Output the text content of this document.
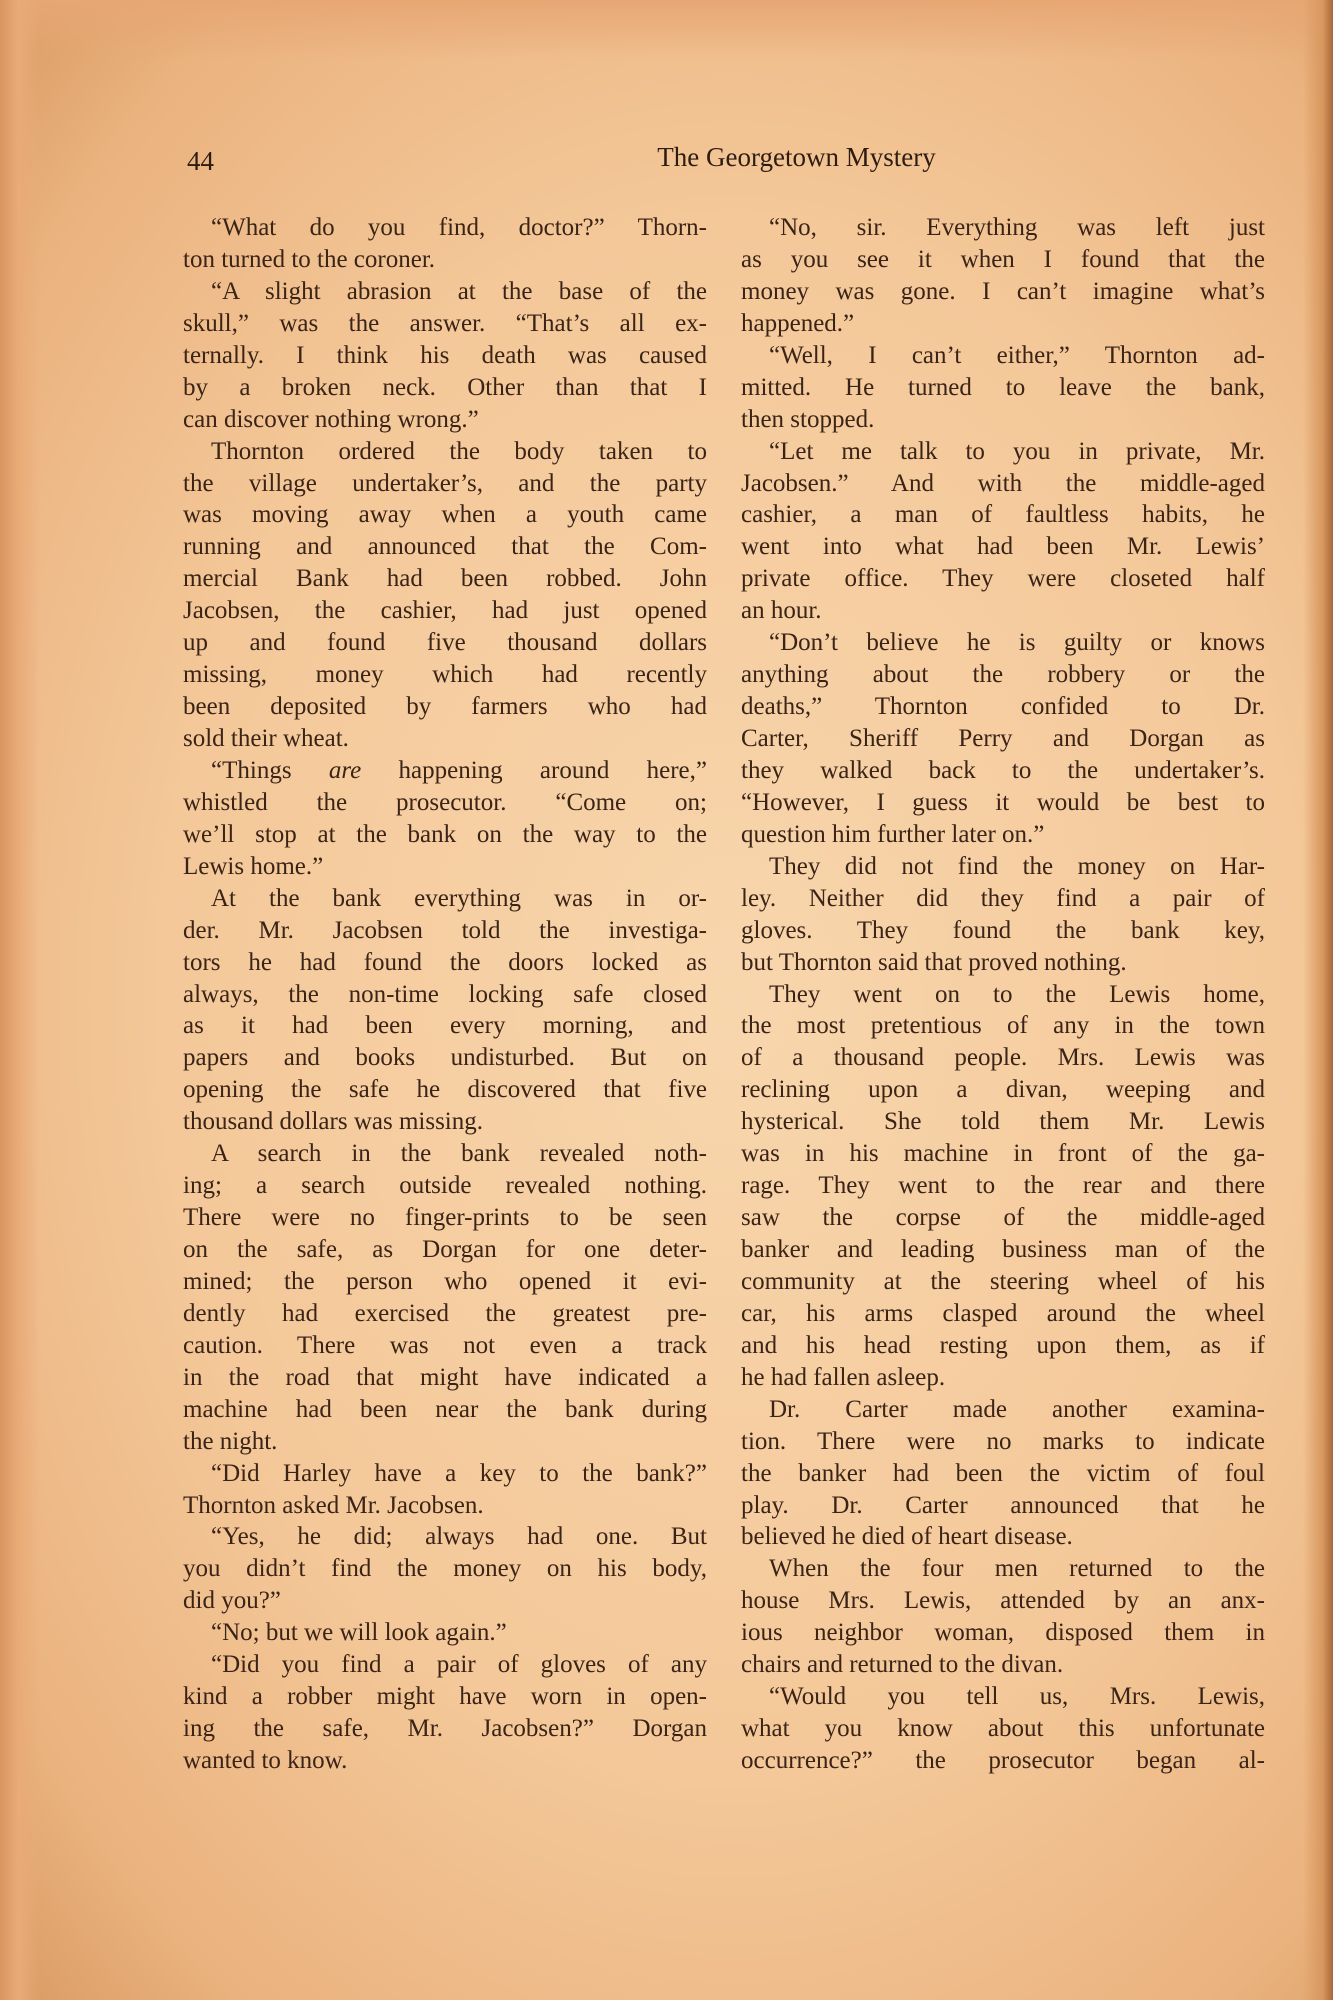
44	The Georgetown Mystery
“What do you find, doctor?” Thorn-
ton turned to the coroner.
“A slight abrasion at the base of the
skull,” was the answer. “That’s all ex-
ternally. I think his death was caused
by a broken neck. Other than that I
can discover nothing wrong.”
Thornton ordered the body taken to
the village undertaker’s, and the party
was moving away when a youth came
running and announced that the Com-
mercial Bank had been robbed. John
Jacobsen, the cashier, had just opened
up and found five thousand dollars
missing, money which had recently
been deposited by farmers who had
sold their wheat.
“Things are happening around here,”
whistled the prosecutor. “Come on;
we’ll stop at the bank on the way to the
Lewis home.”
At the bank everything was in or-
der. Mr. Jacobsen told the investiga-
tors he had found the doors locked as
always, the non-time locking safe closed
as it had been every morning, and
papers and books undisturbed. But on
opening the safe he discovered that five
thousand dollars was missing.
A search in the bank revealed noth-
ing; a search outside revealed nothing.
There were no finger-prints to be seen
on the safe, as Dorgan for one deter-
mined; the person who opened it evi-
dently had exercised the greatest pre-
caution. There was not even a track
in the road that might have indicated a
machine had been near the bank during
the night.
“Did Harley have a key to the bank?”
Thornton asked Mr. Jacobsen.
“Yes, he did; always had one. But
you didn’t find the money on his body,
did you?”
“No; but we will look again.”
“Did you find a pair of gloves of any
kind a robber might have worn in open-
ing the safe, Mr. Jacobsen?” Dorgan
wanted to know.
“No, sir. Everything was left just
as you see it when I found that the
money was gone. I can’t imagine what’s
happened.”
“Well, I can’t either,” Thornton ad-
mitted. He turned to leave the bank,
then stopped.
“Let me talk to you in private, Mr.
Jacobsen.” And with the middle-aged
cashier, a man of faultless habits, he
went into what had been Mr. Lewis’
private office. They were closeted half
an hour.
“Don’t believe he is guilty or knows
anything about the robbery or the
deaths,” Thornton confided to Dr.
Carter, Sheriff Perry and Dorgan as
they walked back to the undertaker’s.
“However, I guess it would be best to
question him further later on.”
They did not find the money on Har-
ley. Neither did they find a pair of
gloves. They found the bank key,
but Thornton said that proved nothing.
They went on to the Lewis home,
the most pretentious of any in the town
of a thousand people. Mrs. Lewis was
reclining upon a divan, weeping and
hysterical. She told them Mr. Lewis
was in his machine in front of the ga-
rage. They went to the rear and there
saw the corpse of the middle-aged
banker and leading business man of the
community at the steering wheel of his
car, his arms clasped around the wheel
and his head resting upon them, as if
he had fallen asleep.
Dr. Carter made another examina-
tion. There were no marks to indicate
the banker had been the victim of foul
play. Dr. Carter announced that he
believed he died of heart disease.
When the four men returned to the
house Mrs. Lewis, attended by an anx-
ious neighbor woman, disposed them in
chairs and returned to the divan.
“Would you tell us, Mrs. Lewis,
what you know about this unfortunate
occurrence?” the prosecutor began al-
